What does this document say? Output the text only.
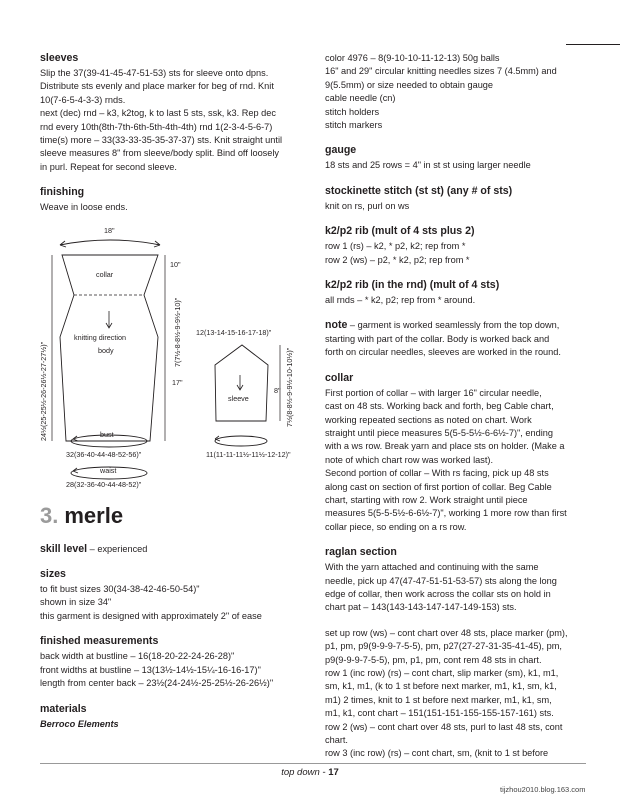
sleeves

Slip the 37(39-41-45-47-51-53) sts for sleeve onto dpns.

Distribute sts evenly and place marker for beg of rnd. Knit

10(7-6-5-4-3-3) rnds.

next (dec) rnd – k3, k2tog, k to last 5 sts, ssk, k3. Rep dec

rnd every 10th(8th-7th-6th-5th-4th-4th) rnd 1(2-3-4-5-6-7)

time(s) more – 33(33-33-35-35-37-37) sts. Knit straight until

sleeve measures 8" from sleeve/body split. Bind off loosely

in purl. Repeat for second sleeve.

finishing

Weave in loose ends.

18"
collar
10"
knitting direction
body
17"
7(7½-8-8½-9-9½-10)"
24½(25-25½-26-26½-27-27½)"	bust
32(36-40-44-48-52-56)"
waist
28(32-36-40-44-48-52)"
12(13-14-15-16-17-18)"
sleeve	7½(8-8½-9-9½-10-10½)"
8"
11(11-11-11½-11½-12-12)"
3. merle

skill level – experienced

sizes

to fit bust sizes 30(34-38-42-46-50-54)"

shown in size 34"

this garment is designed with approximately 2" of ease

finished measurements

back width at bustline – 16(18-20-22-24-26-28)"

front widths at bustline – 13(13½-14½-15¼-16-16-17)"

length from center back – 23½(24-24½-25-25½-26-26½)"

materials

Berroco Elements

color 4976 – 8(9-10-10-11-12-13) 50g balls

16" and 29" circular knitting needles sizes 7 (4.5mm) and

9(5.5mm) or size needed to obtain gauge

cable needle (cn)

stitch holders

stitch markers

gauge

18 sts and 25 rows = 4" in st st using larger needle

stockinette stitch (st st) (any # of sts)

knit on rs, purl on ws

k2/p2 rib (mult of 4 sts plus 2)

row 1 (rs) – k2, * p2, k2; rep from *

row 2 (ws) – p2, * k2, p2; rep from *

k2/p2 rib (in the rnd) (mult of 4 sts)

all rnds – * k2, p2; rep from * around.

note – garment is worked seamlessly from the top down,

starting with part of the collar. Body is worked back and

forth on circular needles, sleeves are worked in the round.

collar

First portion of collar – with larger 16" circular needle,

cast on 48 sts. Working back and forth, beg Cable chart,

working repeated sections as noted on chart. Work

straight until piece measures 5(5-5-5½-6-6½-7)", ending

with a ws row. Break yarn and place sts on holder. (Make a

note of which chart row was worked last).

Second portion of collar – With rs facing, pick up 48 sts

along cast on section of first portion of collar. Beg Cable

chart, starting with row 2. Work straight until piece

measures 5(5-5-5½-6-6½-7)", working 1 more row than first

collar piece, so ending on a rs row.

raglan section

With the yarn attached and continuing with the same

needle, pick up 47(47-47-51-51-53-57) sts along the long

edge of collar, then work across the collar sts on hold in

chart pat – 143(143-143-147-147-149-153) sts.

set up row (ws) – cont chart over 48 sts, place marker (pm),

p1, pm, p9(9-9-9-7-5-5), pm, p27(27-27-31-35-41-45), pm,

p9(9-9-9-7-5-5), pm, p1, pm, cont rem 48 sts in chart.

row 1 (inc row) (rs) – cont chart, slip marker (sm), k1, m1,

sm, k1, m1, (k to 1 st before next marker, m1, k1, sm, k1,

m1) 2 times, knit to 1 st before next marker, m1, k1, sm,

m1, k1, cont chart – 151(151-151-155-155-157-161) sts.

row 2 (ws) – cont chart over 48 sts, purl to last 48 sts, cont

chart.

row 3 (inc row) (rs) – cont chart, sm, (knit to 1 st before

top down - 17
tijzhou2010.blog.163.com
